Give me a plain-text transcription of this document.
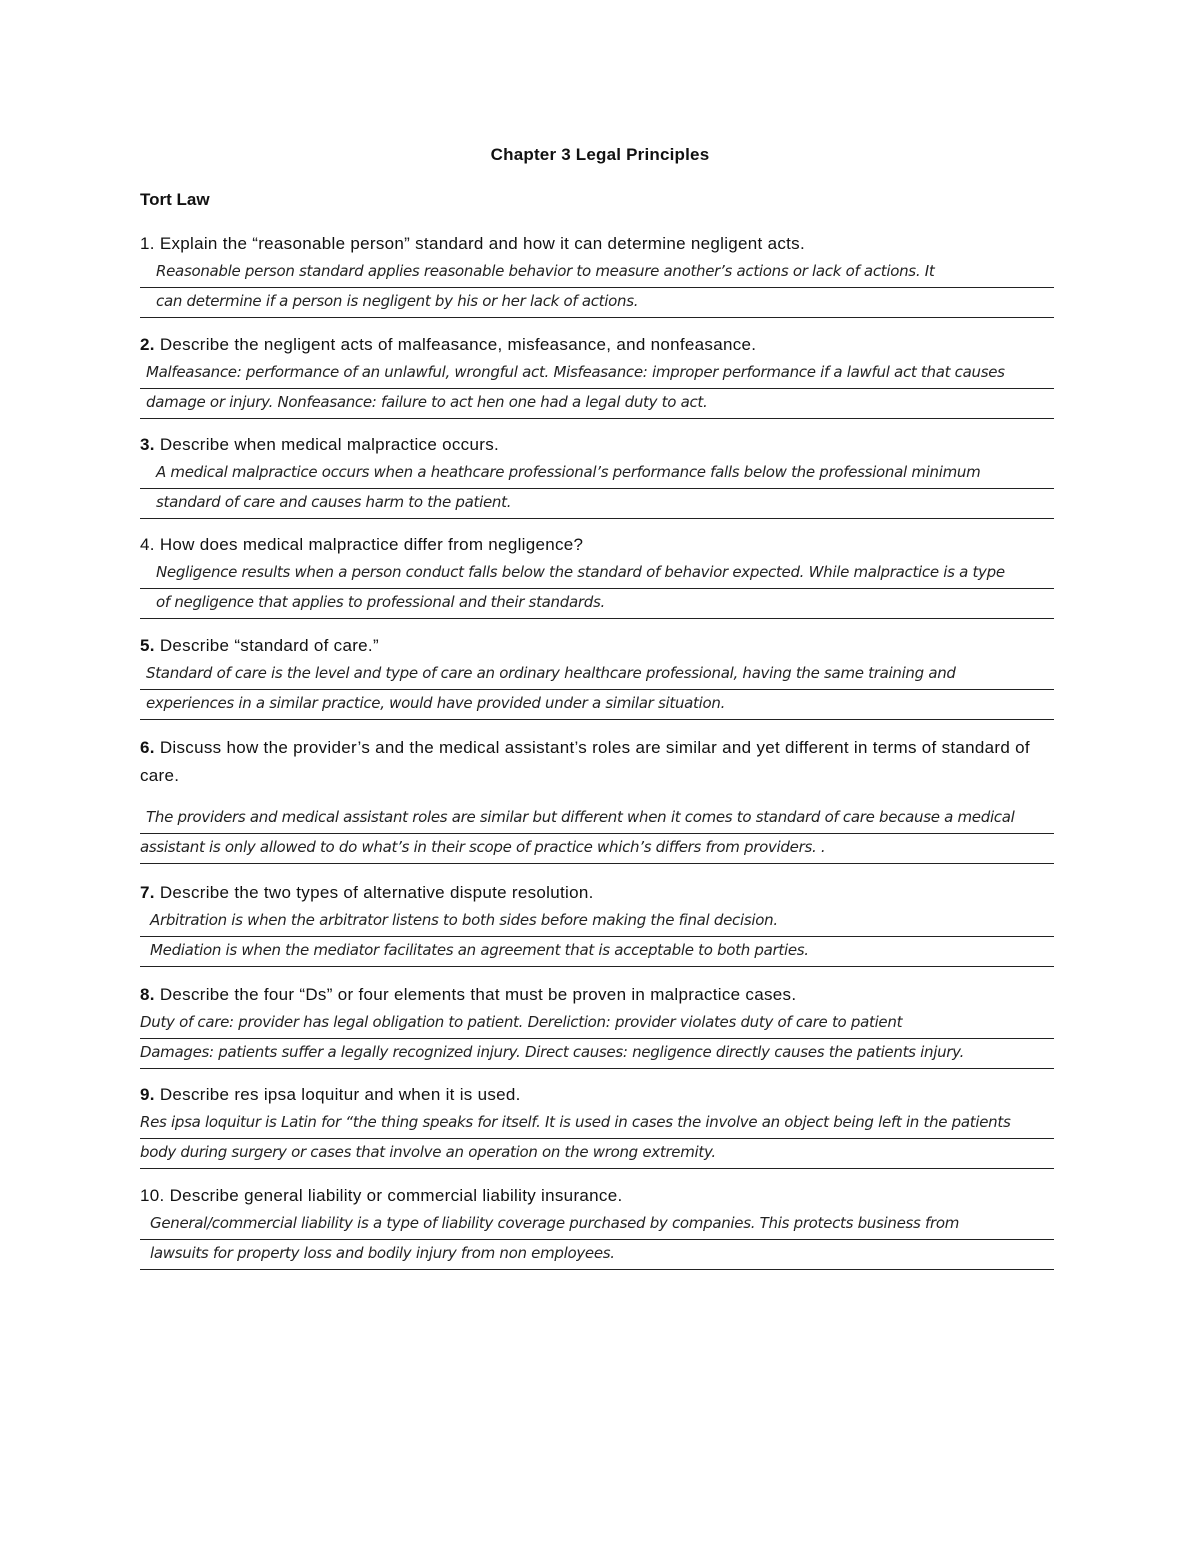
Chapter 3 Legal Principles
Tort Law
1. Explain the “reasonable person” standard and how it can determine negligent acts.
Reasonable person standard applies reasonable behavior to measure another’s actions or lack of actions. It
can determine if a person is negligent by his or her lack of actions.
2. Describe the negligent acts of malfeasance, misfeasance, and nonfeasance.
Malfeasance: performance of an unlawful, wrongful act. Misfeasance: improper performance if a lawful act that causes
damage or injury. Nonfeasance: failure to act hen one had a legal duty to act.
3. Describe when medical malpractice occurs.
A medical malpractice occurs when a heathcare professional’s performance falls below the professional minimum
standard of care and causes harm to the patient.
4. How does medical malpractice differ from negligence?
Negligence results when a person conduct falls below the standard of behavior expected. While malpractice is a type
of negligence that applies to professional and their standards.
5. Describe “standard of care.”
Standard of care is the level and type of care an ordinary healthcare professional, having the same training and
experiences in a similar practice, would have provided under a similar situation.
6. Discuss how the provider’s and the medical assistant’s roles are similar and yet different in terms of standard of care.
The providers and medical assistant roles are similar but different when it comes to standard of care because a medical
assistant is only allowed to do what’s in their scope of practice which’s differs from providers. .
7. Describe the two types of alternative dispute resolution.
Arbitration is when the arbitrator listens to both sides before making the final decision.
Mediation is when the mediator facilitates an agreement that is acceptable to both parties.
8. Describe the four “Ds” or four elements that must be proven in malpractice cases.
Duty of care: provider has legal obligation to patient. Dereliction: provider violates duty of care to patient
Damages: patients suffer a legally recognized injury. Direct causes: negligence directly causes the patients injury.
9. Describe res ipsa loquitur and when it is used.
Res ipsa loquitur is Latin for “the thing speaks for itself. It is used in cases the involve an object being left in the patients
body during surgery or cases that involve an operation on the wrong extremity.
10. Describe general liability or commercial liability insurance.
General/commercial liability is a type of liability coverage purchased by companies. This protects business from
lawsuits for property loss and bodily injury from non employees.
